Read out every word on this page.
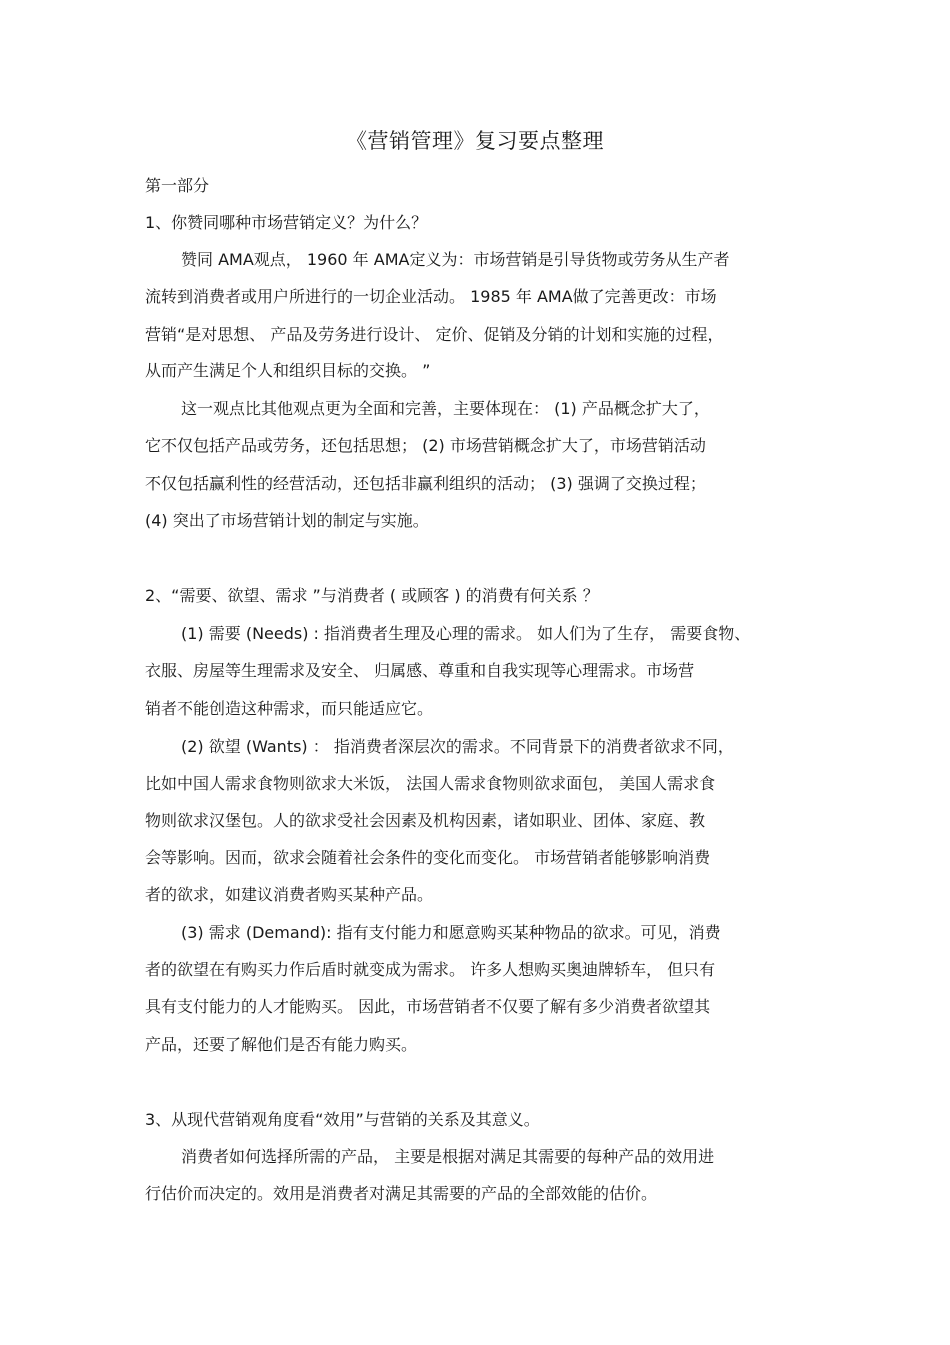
《营销管理》复习要点整理
第一部分
1、你赞同哪种市场营销定义？为什么？
赞同 AMA观点， 1960 年 AMA定义为：市场营销是引导货物或劳务从生产者
流转到消费者或用户所进行的一切企业活动。 1985 年 AMA做了完善更改：市场
营销“是对思想、 产品及劳务进行设计、 定价、促销及分销的计划和实施的过程，
从而产生满足个人和组织目标的交换。 ”
这一观点比其他观点更为全面和完善，主要体现在： (1) 产品概念扩大了，
它不仅包括产品或劳务，还包括思想； (2) 市场营销概念扩大了，市场营销活动
不仅包括赢利性的经营活动，还包括非赢利组织的活动； (3) 强调了交换过程；
(4) 突出了市场营销计划的制定与实施。
2、“需要、欲望、需求 ”与消费者 ( 或顾客 ) 的消费有何关系 ？
(1) 需要 (Needs) : 指消费者生理及心理的需求。 如人们为了生存， 需要食物、
衣服、房屋等生理需求及安全、 归属感、尊重和自我实现等心理需求。市场营
销者不能创造这种需求，而只能适应它。
(2) 欲望 (Wants) ： 指消费者深层次的需求。不同背景下的消费者欲求不同，
比如中国人需求食物则欲求大米饭， 法国人需求食物则欲求面包， 美国人需求食
物则欲求汉堡包。人的欲求受社会因素及机构因素，诸如职业、团体、家庭、教
会等影响。因而，欲求会随着社会条件的变化而变化。 市场营销者能够影响消费
者的欲求，如建议消费者购买某种产品。
(3) 需求 (Demand): 指有支付能力和愿意购买某种物品的欲求。可见，消费
者的欲望在有购买力作后盾时就变成为需求。 许多人想购买奥迪牌轿车， 但只有
具有支付能力的人才能购买。 因此，市场营销者不仅要了解有多少消费者欲望其
产品，还要了解他们是否有能力购买。
3、从现代营销观角度看“效用”与营销的关系及其意义。
消费者如何选择所需的产品， 主要是根据对满足其需要的每种产品的效用进
行估价而决定的。效用是消费者对满足其需要的产品的全部效能的估价。
